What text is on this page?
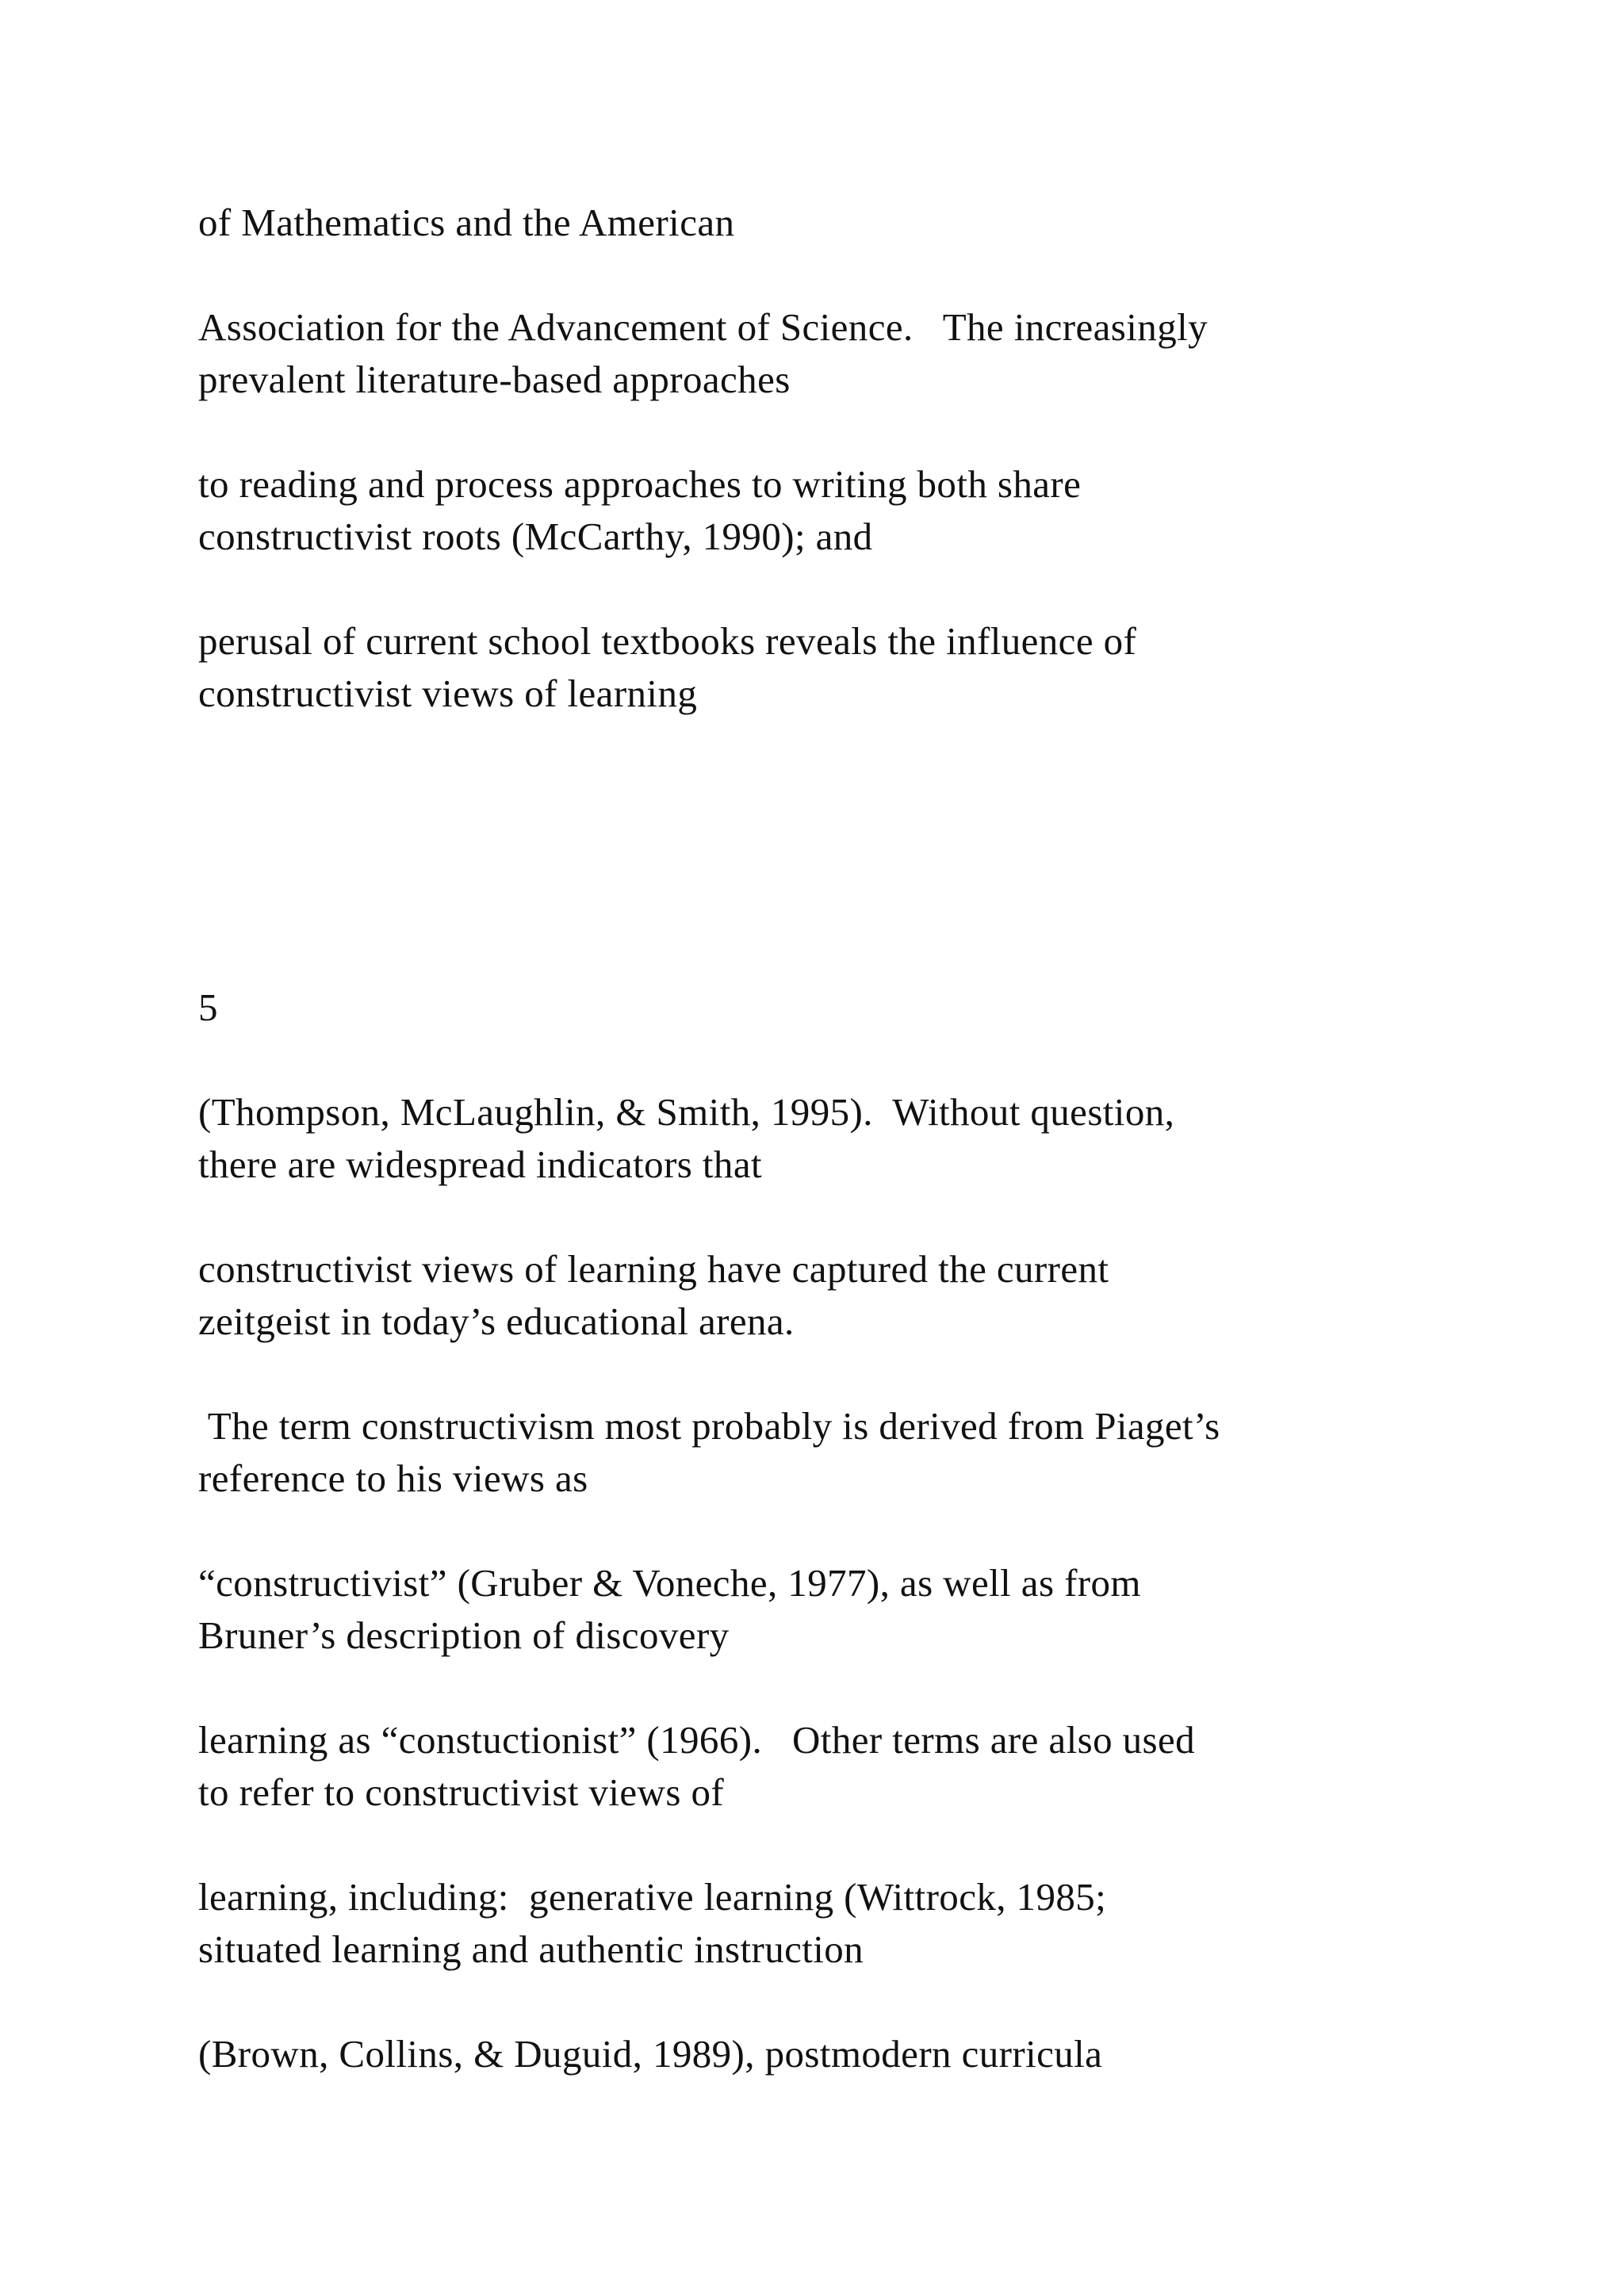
of Mathematics and the American

Association for the Advancement of Science.   The increasingly

prevalent literature-based approaches

to reading and process approaches to writing both share

constructivist roots (McCarthy, 1990); and

perusal of current school textbooks reveals the influence of

constructivist views of learning

5

(Thompson, McLaughlin, & Smith, 1995).  Without question,

there are widespread indicators that

constructivist views of learning have captured the current

zeitgeist in today’s educational arena.

The term constructivism most probably is derived from Piaget’s

reference to his views as

“constructivist” (Gruber & Voneche, 1977), as well as from

Bruner’s description of discovery

learning as “constuctionist” (1966).   Other terms are also used

to refer to constructivist views of

learning, including:  generative learning (Wittrock, 1985;

situated learning and authentic instruction

(Brown, Collins, & Duguid, 1989), postmodern curricula
